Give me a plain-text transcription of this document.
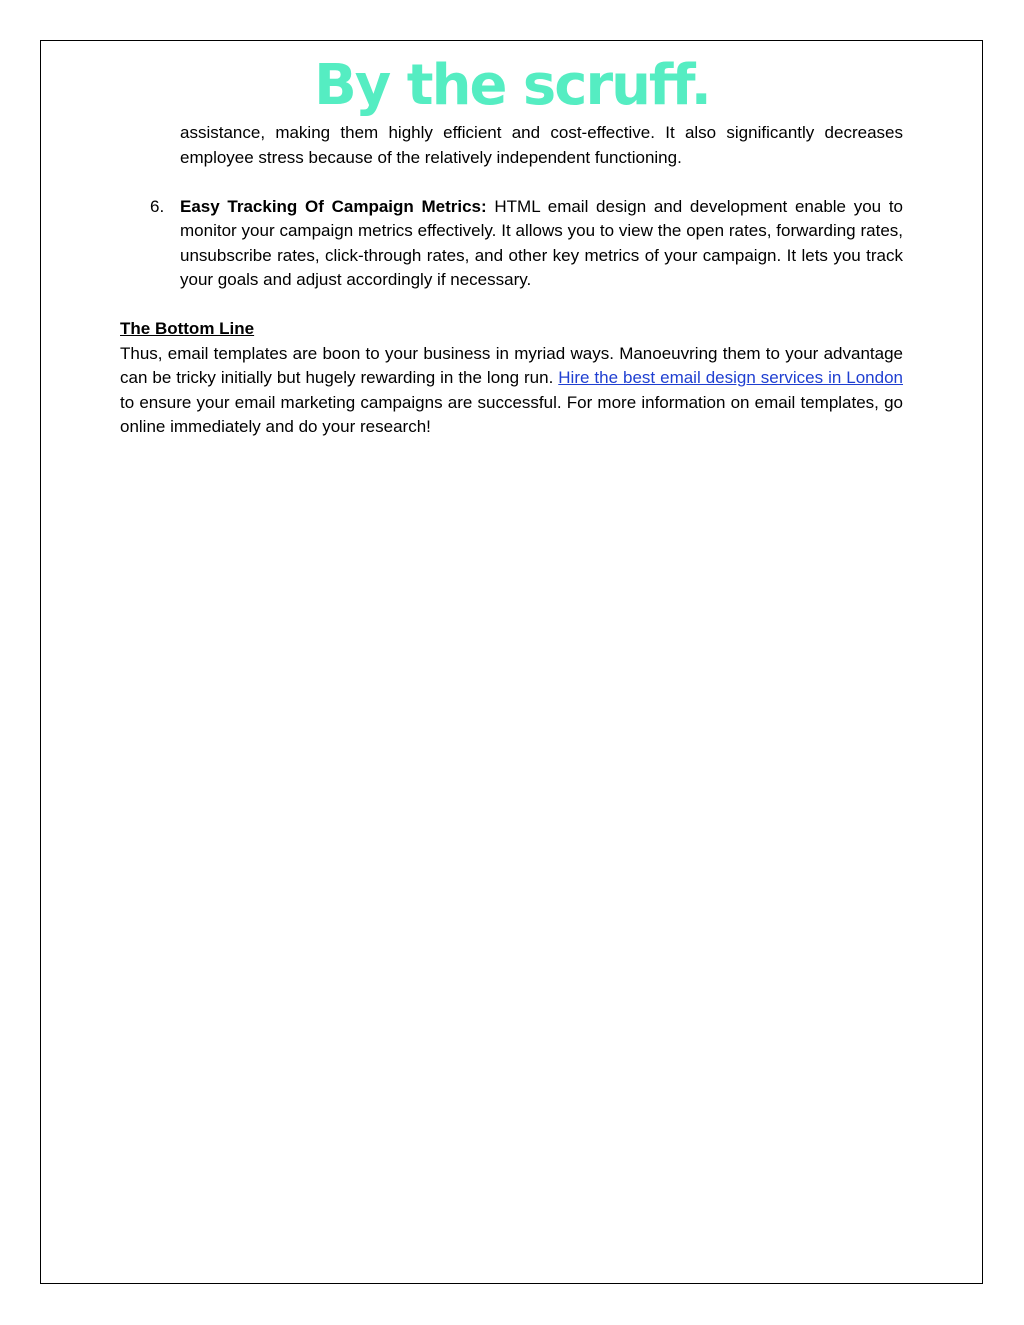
By the scruff.
assistance, making them highly efficient and cost-effective. It also significantly decreases employee stress because of the relatively independent functioning.
6. Easy Tracking Of Campaign Metrics: HTML email design and development enable you to monitor your campaign metrics effectively. It allows you to view the open rates, forwarding rates, unsubscribe rates, click-through rates, and other key metrics of your campaign. It lets you track your goals and adjust accordingly if necessary.
The Bottom Line
Thus, email templates are boon to your business in myriad ways. Manoeuvring them to your advantage can be tricky initially but hugely rewarding in the long run. Hire the best email design services in London to ensure your email marketing campaigns are successful. For more information on email templates, go online immediately and do your research!
